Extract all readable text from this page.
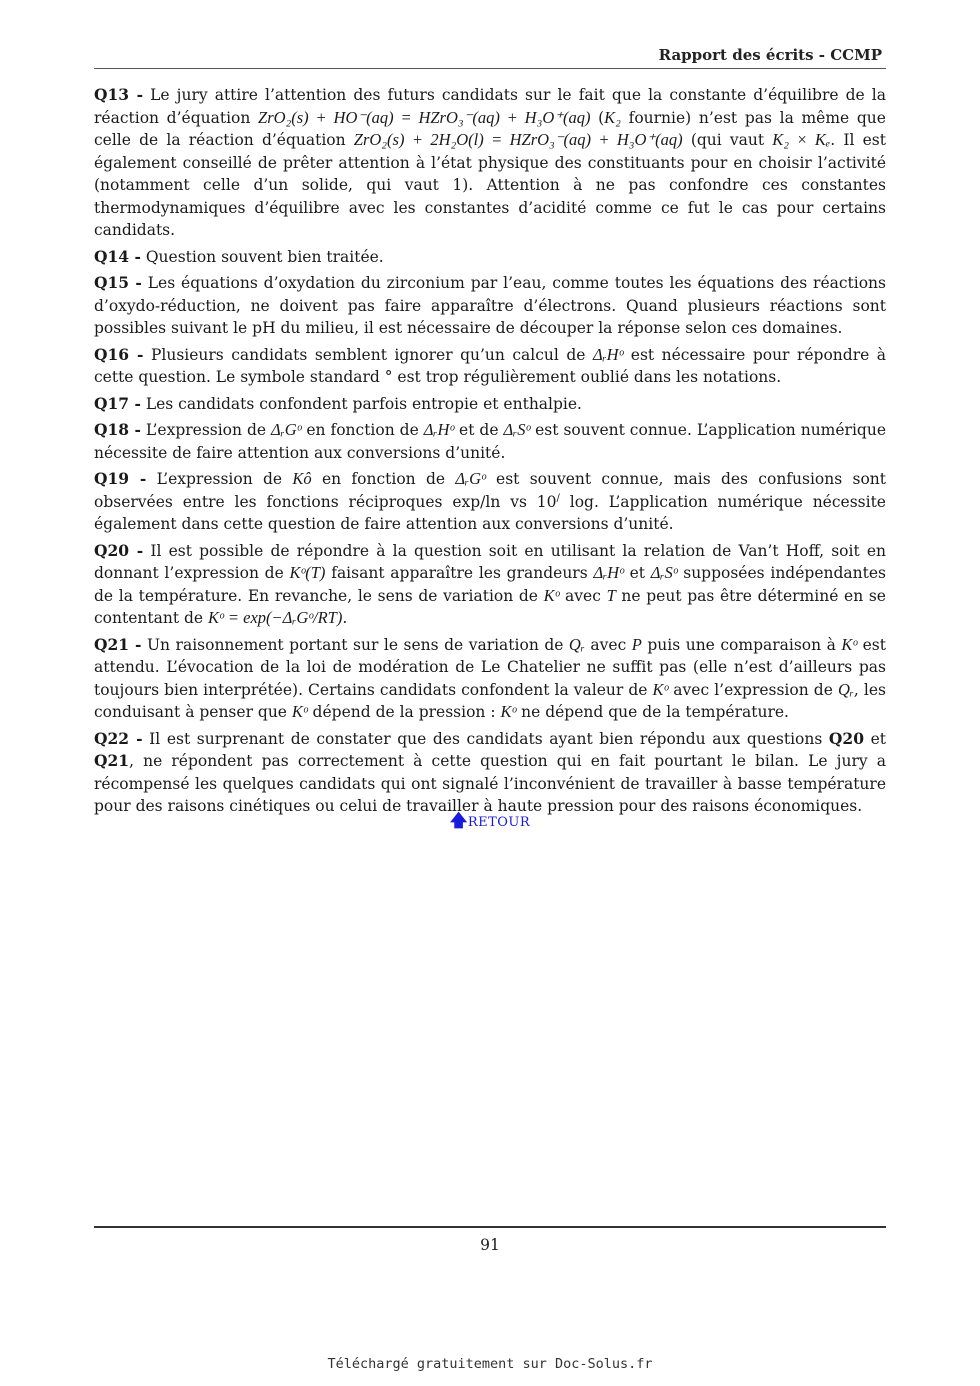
Rapport des écrits - CCMP

Q13 - Le jury attire l’attention des futurs candidats sur le fait que la constante d’équilibre de la réaction d’équation ZrO₂(s) + HO⁻(aq) = HZrO₃⁻(aq) + H₃O⁺(aq) (K₂ fournie) n’est pas la même que celle de la réaction d’équation ZrO₂(s) + 2H₂O(l) = HZrO₃⁻(aq) + H₃O⁺(aq) (qui vaut K₂ × Kₑ. Il est également conseillé de prêter attention à l’état physique des constituants pour en choisir l’activité (notamment celle d’un solide, qui vaut 1). Attention à ne pas confondre ces constantes thermodynamiques d’équilibre avec les constantes d’acidité comme ce fut le cas pour certains candidats.

Q14 - Question souvent bien traitée.

Q15 - Les équations d’oxydation du zirconium par l’eau, comme toutes les équations des réactions d’oxydo-réduction, ne doivent pas faire apparaître d’électrons. Quand plusieurs réactions sont possibles suivant le pH du milieu, il est nécessaire de découper la réponse selon ces domaines.

Q16 - Plusieurs candidats semblent ignorer qu’un calcul de ΔᵣHᵒ est nécessaire pour répondre à cette question. Le symbole standard ° est trop régulièrement oublié dans les notations.

Q17 - Les candidats confondent parfois entropie et enthalpie.

Q18 - L’expression de ΔᵣGᵒ en fonction de ΔᵣHᵒ et de ΔᵣSᵒ est souvent connue. L’application numérique nécessite de faire attention aux conversions d’unité.

Q19 - L’expression de Kô en fonction de ΔᵣGᵒ est souvent connue, mais des confusions sont observées entre les fonctions réciproques exp/ln vs 10/ log. L’application numérique nécessite également dans cette question de faire attention aux conversions d’unité.

Q20 - Il est possible de répondre à la question soit en utilisant la relation de Van’t Hoff, soit en donnant l’expression de Kᵒ(T) faisant apparaître les grandeurs ΔᵣHᵒ et ΔᵣSᵒ supposées indépendantes de la température. En revanche, le sens de variation de Kᵒ avec T ne peut pas être déterminé en se contentant de Kᵒ = exp(−ΔᵣGᵒ/RT).

Q21 - Un raisonnement portant sur le sens de variation de Qᵣ avec P puis une comparaison à Kᵒ est attendu. L’évocation de la loi de modération de Le Chatelier ne suffit pas (elle n’est d’ailleurs pas toujours bien interprétée). Certains candidats confondent la valeur de Kᵒ avec l’expression de Qᵣ, les conduisant à penser que Kᵒ dépend de la pression : Kᵒ ne dépend que de la température.

Q22 - Il est surprenant de constater que des candidats ayant bien répondu aux questions Q20 et Q21, ne répondent pas correctement à cette question qui en fait pourtant le bilan. Le jury a récompensé les quelques candidats qui ont signalé l’inconvénient de travailler à basse température pour des raisons cinétiques ou celui de travailler à haute pression pour des raisons économiques.

🡅RETOUR
91
Téléchargé gratuitement sur Doc-Solus.fr
